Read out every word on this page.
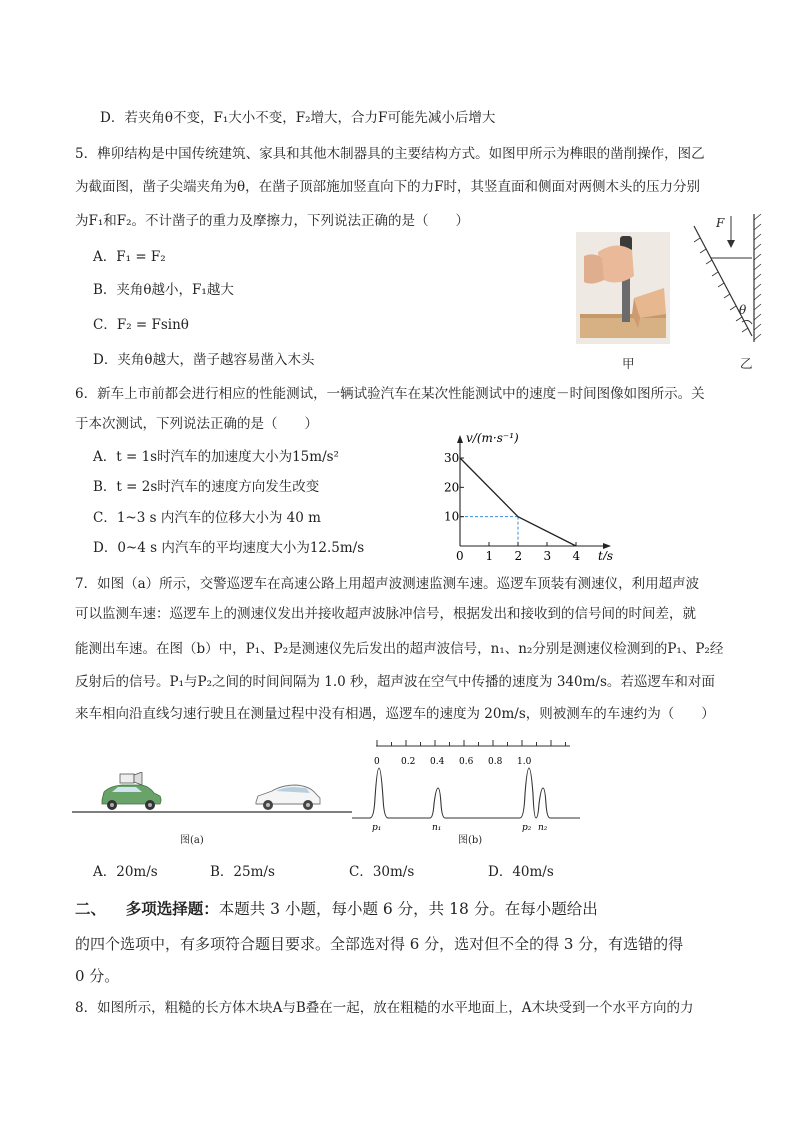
D．若夹角θ不变，F₁大小不变，F₂增大，合力F可能先减小后增大
5．榫卯结构是中国传统建筑、家具和其他木制器具的主要结构方式。如图甲所示为榫眼的凿削操作，图乙
为截面图，凿子尖端夹角为θ，在凿子顶部施加竖直向下的力F时，其竖直面和侧面对两侧木头的压力分别
为F₁和F₂。不计凿子的重力及摩擦力，下列说法正确的是（　　）
A．F₁ = F₂
B．夹角θ越小，F₁越大
C．F₂ = Fsinθ
D．夹角θ越大，凿子越容易凿入木头	甲
F
θ
乙
6．新车上市前都会进行相应的性能测试，一辆试验汽车在某次性能测试中的速度－时间图像如图所示。关
于本次测试，下列说法正确的是（　　）
A．t = 1s时汽车的加速度大小为15m/s²
B．t = 2s时汽车的速度方向发生改变
C．1~3 s 内汽车的位移大小为 40 m
D．0~4 s 内汽车的平均速度大小为12.5m/s
v/(m·s⁻¹)
t/s
0 1 2 3 4
30
20
10
7．如图（a）所示，交警巡逻车在高速公路上用超声波测速监测车速。巡逻车顶装有测速仪，利用超声波
可以监测车速：巡逻车上的测速仪发出并接收超声波脉冲信号，根据发出和接收到的信号间的时间差，就
能测出车速。在图（b）中，P₁、P₂是测速仪先后发出的超声波信号，n₁、n₂分别是测速仪检测到的P₁、P₂经
反射后的信号。P₁与P₂之间的时间间隔为 1.0 秒，超声波在空气中传播的速度为 340m/s。若巡逻车和对面
来车相向沿直线匀速行驶且在测量过程中没有相遇，巡逻车的速度为 20m/s，则被测车的车速约为（　　）
图(a)
0 0.2 0.4 0.6 0.8 1.0
p₁	n₁	p₂ n₂
图(b)
A．20m/s	B．25m/s	C．30m/s	D．40m/s
二、 多项选择题：本题共 3 小题，每小题 6 分，共 18 分。在每小题给出
的四个选项中，有多项符合题目要求。全部选对得 6 分，选对但不全的得 3 分，有选错的得
0 分。
8．如图所示，粗糙的长方体木块A与B叠在一起，放在粗糙的水平地面上，A木块受到一个水平方向的力
